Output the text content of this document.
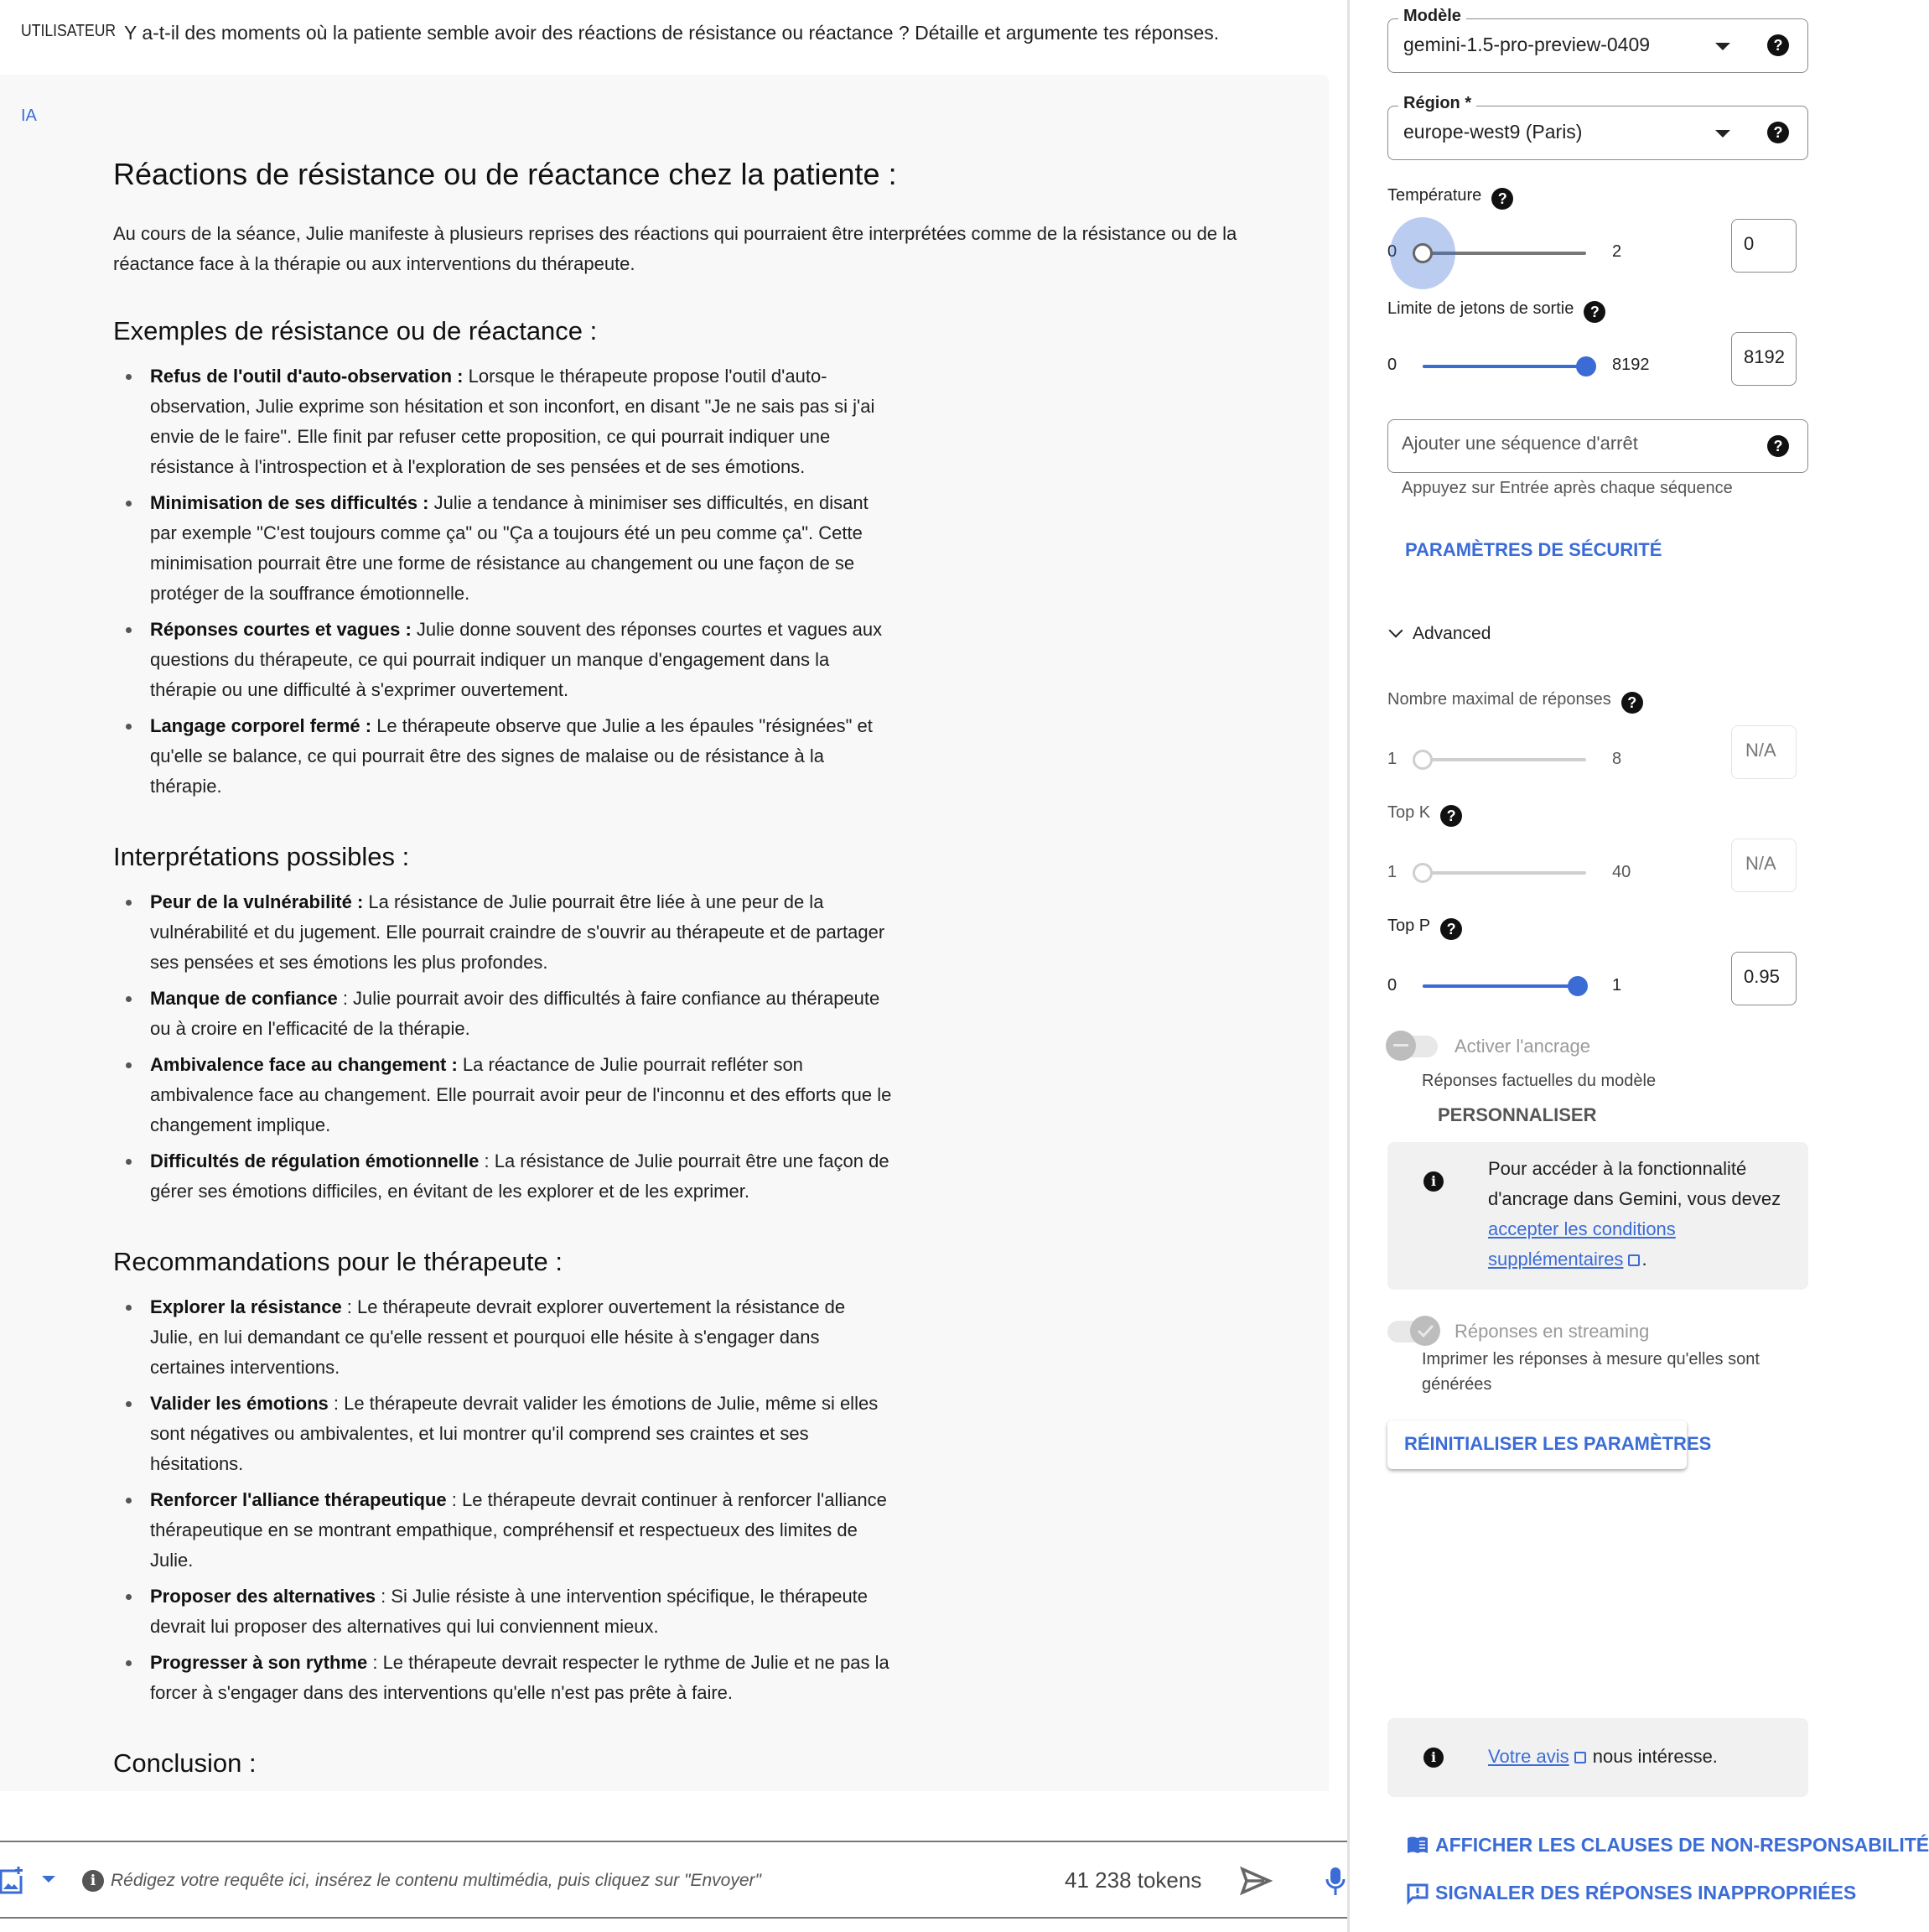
UTILISATEUR Y a-t-il des moments où la patiente semble avoir des réactions de résistance ou réactance ? Détaille et argumente tes réponses.
IA
Réactions de résistance ou de réactance chez la patiente :

Au cours de la séance, Julie manifeste à plusieurs reprises des réactions qui pourraient être interprétées comme de la résistance ou de la réactance face à la thérapie ou aux interventions du thérapeute.

Exemples de résistance ou de réactance :
Refus de l'outil d'auto-observation : Lorsque le thérapeute propose l'outil d'auto-observation, Julie exprime son hésitation et son inconfort, en disant "Je ne sais pas si j'ai envie de le faire". Elle finit par refuser cette proposition, ce qui pourrait indiquer une résistance à l'introspection et à l'exploration de ses pensées et de ses émotions.
Minimisation de ses difficultés : Julie a tendance à minimiser ses difficultés, en disant par exemple "C'est toujours comme ça" ou "Ça a toujours été un peu comme ça". Cette minimisation pourrait être une forme de résistance au changement ou une façon de se protéger de la souffrance émotionnelle.
Réponses courtes et vagues : Julie donne souvent des réponses courtes et vagues aux questions du thérapeute, ce qui pourrait indiquer un manque d'engagement dans la thérapie ou une difficulté à s'exprimer ouvertement.
Langage corporel fermé : Le thérapeute observe que Julie a les épaules "résignées" et qu'elle se balance, ce qui pourrait être des signes de malaise ou de résistance à la thérapie.
Interprétations possibles :
Peur de la vulnérabilité : La résistance de Julie pourrait être liée à une peur de la vulnérabilité et du jugement. Elle pourrait craindre de s'ouvrir au thérapeute et de partager ses pensées et ses émotions les plus profondes.
Manque de confiance : Julie pourrait avoir des difficultés à faire confiance au thérapeute ou à croire en l'efficacité de la thérapie.
Ambivalence face au changement : La réactance de Julie pourrait refléter son ambivalence face au changement. Elle pourrait avoir peur de l'inconnu et des efforts que le changement implique.
Difficultés de régulation émotionnelle : La résistance de Julie pourrait être une façon de gérer ses émotions difficiles, en évitant de les explorer et de les exprimer.
Recommandations pour le thérapeute :
Explorer la résistance : Le thérapeute devrait explorer ouvertement la résistance de Julie, en lui demandant ce qu'elle ressent et pourquoi elle hésite à s'engager dans certaines interventions.
Valider les émotions : Le thérapeute devrait valider les émotions de Julie, même si elles sont négatives ou ambivalentes, et lui montrer qu'il comprend ses craintes et ses hésitations.
Renforcer l'alliance thérapeutique : Le thérapeute devrait continuer à renforcer l'alliance thérapeutique en se montrant empathique, compréhensif et respectueux des limites de Julie.
Proposer des alternatives : Si Julie résiste à une intervention spécifique, le thérapeute devrait lui proposer des alternatives qui lui conviennent mieux.
Progresser à son rythme : Le thérapeute devrait respecter le rythme de Julie et ne pas la forcer à s'engager dans des interventions qu'elle n'est pas prête à faire.
Conclusion :
i
Rédigez votre requête ici, insérez le contenu multimédia, puis cliquez sur "Envoyer"	41 238 tokens
Modèle
gemini-1.5-pro-preview-0409	?
Région *
europe-west9 (Paris)	?
Température ?
0	2	0
Limite de jetons de sortie ?
0	8192	8192
Ajouter une séquence d'arrêt
?
Appuyez sur Entrée après chaque séquence
PARAMÈTRES DE SÉCURITÉ
Advanced
Nombre maximal de réponses ?
1	8	N/A
Top K ?
1	40	N/A
Top P ?
0	1	0.95
Activer l'ancrage
Réponses factuelles du modèle
PERSONNALISER
i
Pour accéder à la fonctionnalité d'ancrage dans Gemini, vous devez accepter les conditions supplémentaires .
Réponses en streaming
Imprimer les réponses à mesure qu'elles sont générées
RÉINITIALISER LES PARAMÈTRES
i	Votre avis nous intéresse.
AFFICHER LES CLAUSES DE NON-RESPONSABILITÉ
SIGNALER DES RÉPONSES INAPPROPRIÉES
